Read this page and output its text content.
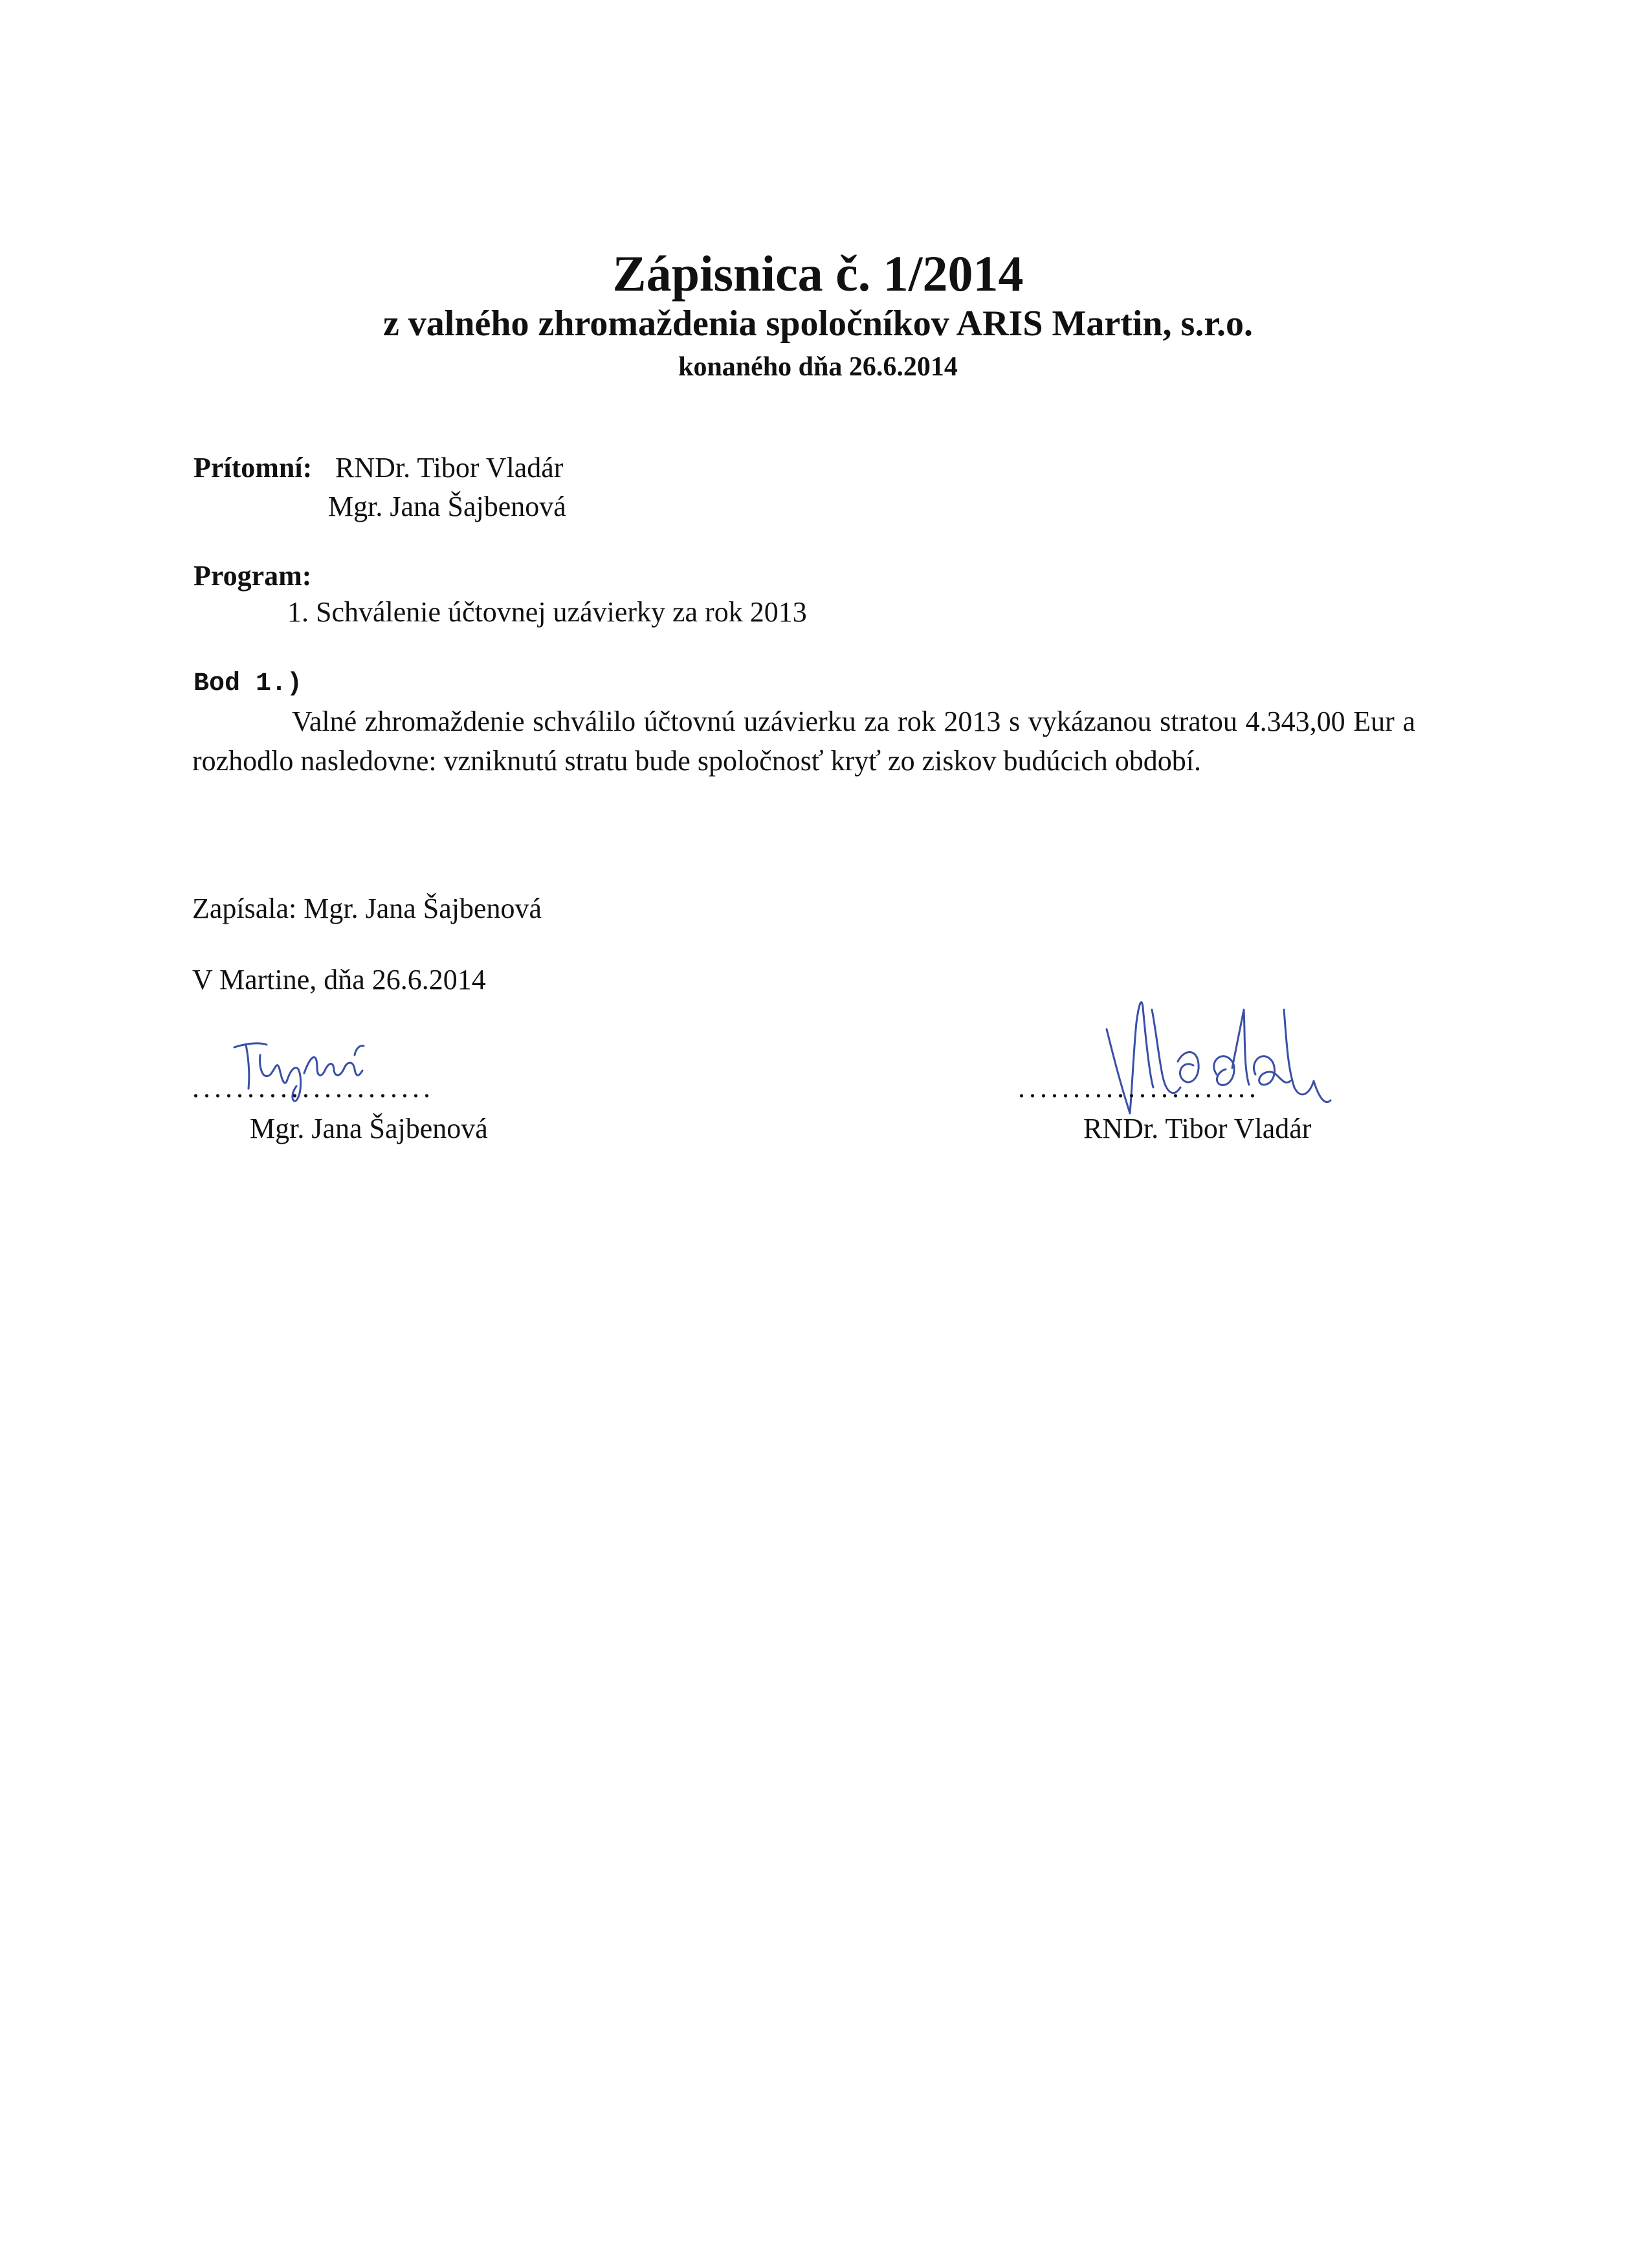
Zápisnica č. 1/2014
z valného zhromaždenia spoločníkov ARIS Martin, s.r.o.
konaného dňa 26.6.2014
Prítomní: RNDr. Tibor Vladár
Mgr. Jana Šajbenová
Program:
1. Schválenie účtovnej uzávierky za rok 2013
Bod 1.)
Valné zhromaždenie schválilo účtovnú uzávierku za rok 2013 s vykázanou stratou 4.343,00 Eur a rozhodlo nasledovne: vzniknutú stratu bude spoločnosť kryť zo ziskov budúcich období.
Zapísala: Mgr. Jana Šajbenová
V Martine, dňa 26.6.2014
......................
Mgr. Jana Šajbenová
......................
RNDr. Tibor Vladár
